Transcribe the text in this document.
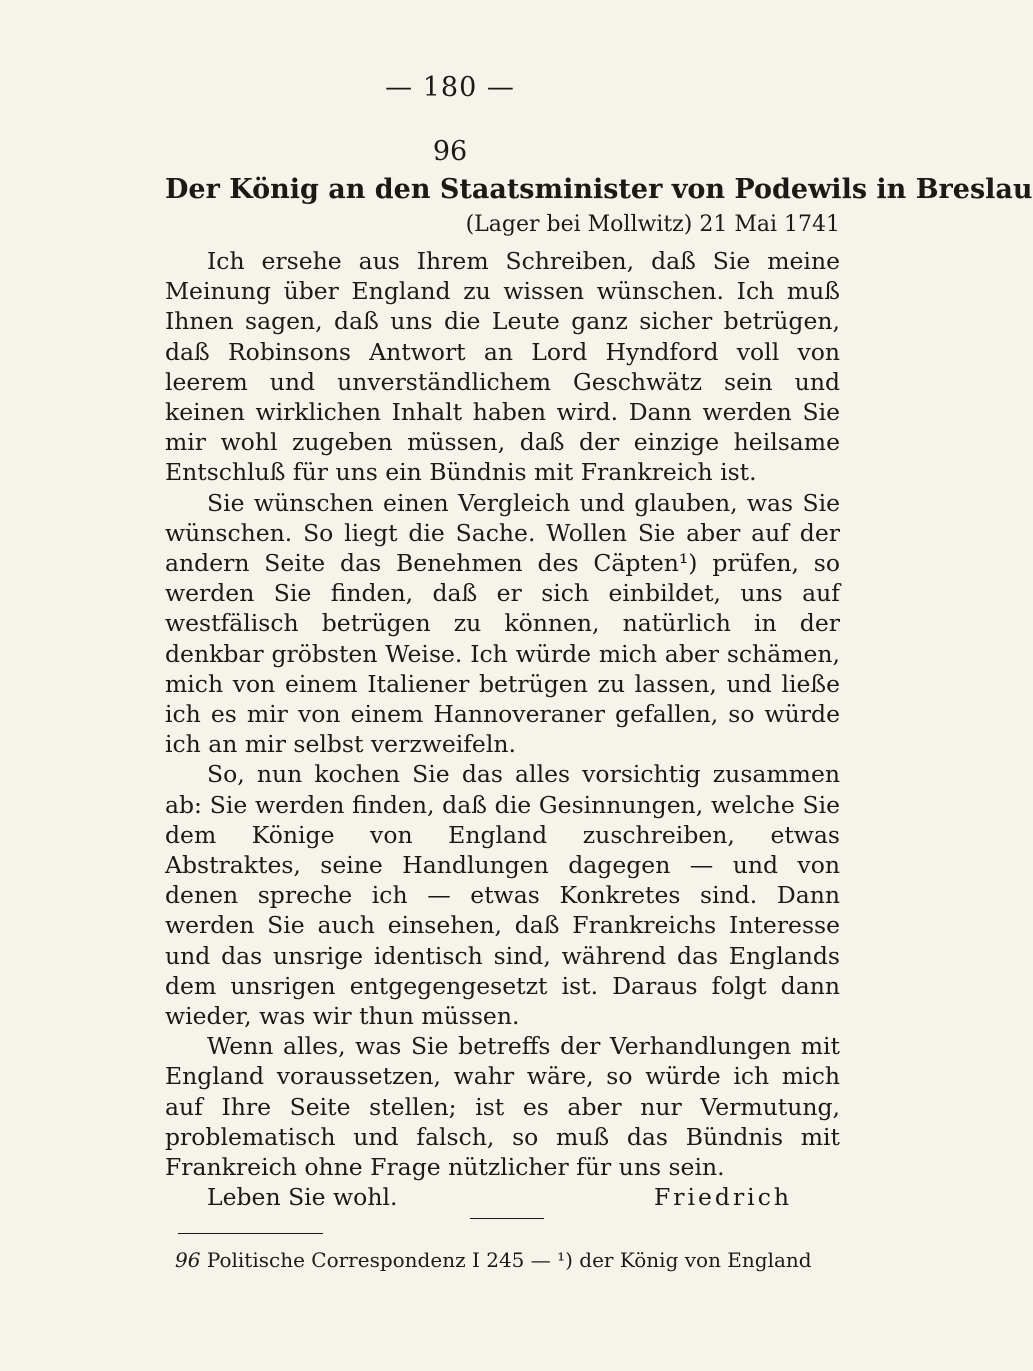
— 180 —
96
Der König an den Staatsminister von Podewils in Breslau
(Lager bei Mollwitz) 21 Mai 1741

Ich ersehe aus Ihrem Schreiben, daß Sie meine Meinung über England zu wissen wünschen. Ich muß Ihnen sagen, daß uns die Leute ganz sicher betrügen, daß Robinsons Antwort an Lord Hyndford voll von leerem und unverständlichem Geschwätz sein und keinen wirklichen Inhalt haben wird. Dann werden Sie mir wohl zugeben müssen, daß der einzige heilsame Entschluß für uns ein Bündnis mit Frankreich ist.

Sie wünschen einen Vergleich und glauben, was Sie wünschen. So liegt die Sache. Wollen Sie aber auf der andern Seite das Benehmen des Cäpten¹) prüfen, so werden Sie finden, daß er sich einbildet, uns auf westfälisch betrügen zu können, natürlich in der denkbar gröbsten Weise. Ich würde mich aber schämen, mich von einem Italiener betrügen zu lassen, und ließe ich es mir von einem Hannoveraner gefallen, so würde ich an mir selbst verzweifeln.

So, nun kochen Sie das alles vorsichtig zusammen ab: Sie werden finden, daß die Gesinnungen, welche Sie dem Könige von England zuschreiben, etwas Abstraktes, seine Handlungen dagegen — und von denen spreche ich — etwas Konkretes sind. Dann werden Sie auch einsehen, daß Frankreichs Interesse und das unsrige identisch sind, während das Englands dem unsrigen entgegengesetzt ist. Daraus folgt dann wieder, was wir thun müssen.

Wenn alles, was Sie betreffs der Verhandlungen mit England voraussetzen, wahr wäre, so würde ich mich auf Ihre Seite stellen; ist es aber nur Vermutung, problematisch und falsch, so muß das Bündnis mit Frankreich ohne Frage nützlicher für uns sein.

Leben Sie wohl.	Friedrich
96 Politische Correspondenz I 245 — ¹) der König von England
